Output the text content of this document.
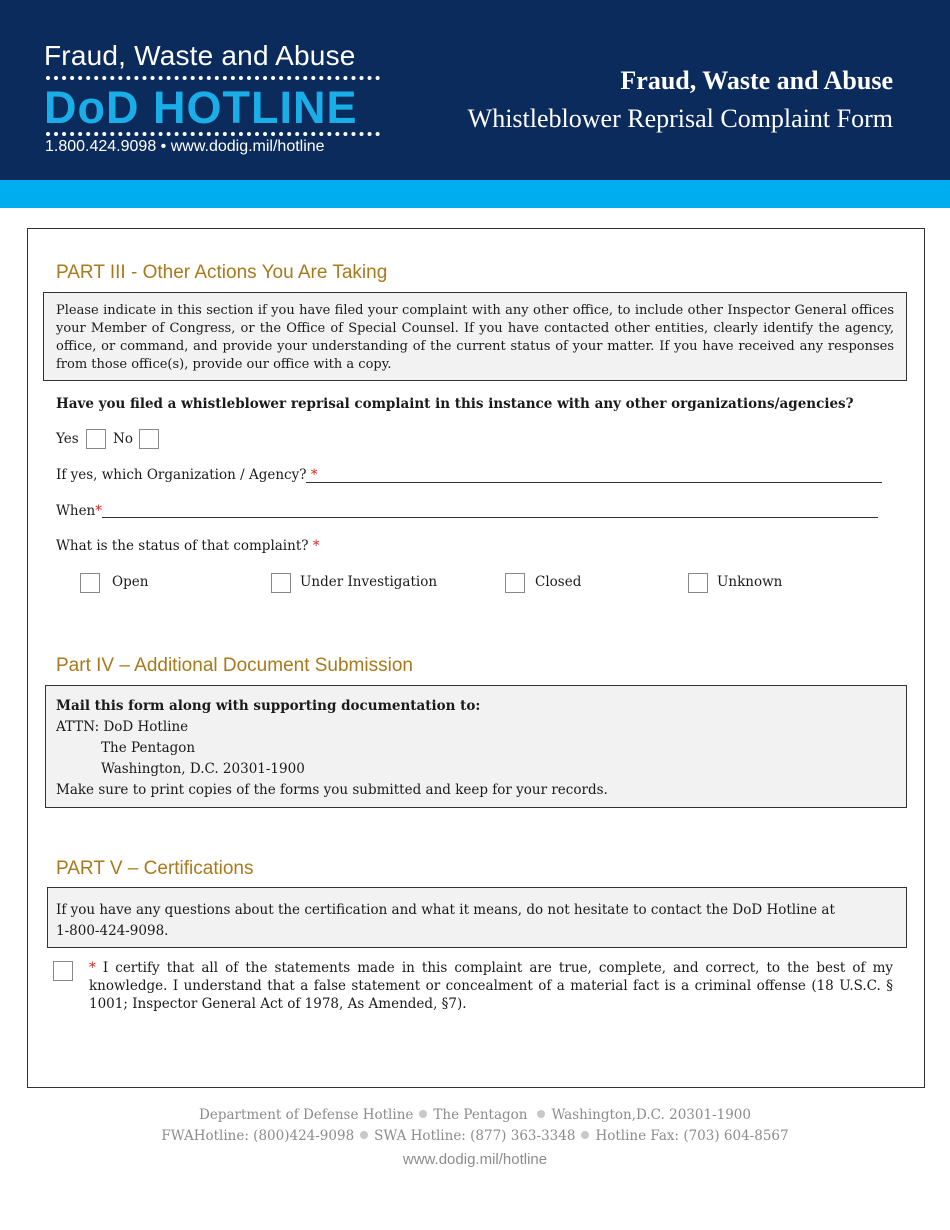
Fraud, Waste and Abuse
DoD HOTLINE
1.800.424.9098 • www.dodig.mil/hotline
Fraud, Waste and Abuse
Whistleblower Reprisal Complaint Form
PART III - Other Actions You Are Taking
Please indicate in this section if you have filed your complaint with any other office, to include other Inspector General offices your Member of Congress, or the Office of Special Counsel. If you have contacted other entities, clearly identify the agency, office, or command, and provide your understanding of the current status of your matter. If you have received any responses from those office(s), provide our office with a copy.
Have you filed a whistleblower reprisal complaint in this instance with any other organizations/agencies?
Yes	No
If yes, which Organization / Agency? *
When*
What is the status of that complaint? *
Open	Under Investigation	Closed	Unknown
Part IV – Additional Document Submission
Mail this form along with supporting documentation to:
ATTN: DoD Hotline
The Pentagon
Washington, D.C. 20301-1900
Make sure to print copies of the forms you submitted and keep for your records.
PART V – Certifications
If you have any questions about the certification and what it means, do not hesitate to contact the DoD Hotline at
1-800-424-9098.
* I certify that all of the statements made in this complaint are true, complete, and correct, to the best of my knowledge. I understand that a false statement or concealment of a material fact is a criminal offense (18 U.S.C. § 1001; Inspector General Act of 1978, As Amended, §7).
Department of Defense Hotline The Pentagon Washington,D.C. 20301-1900
FWAHotline: (800)424-9098 SWA Hotline: (877) 363-3348 Hotline Fax: (703) 604-8567
www.dodig.mil/hotline
